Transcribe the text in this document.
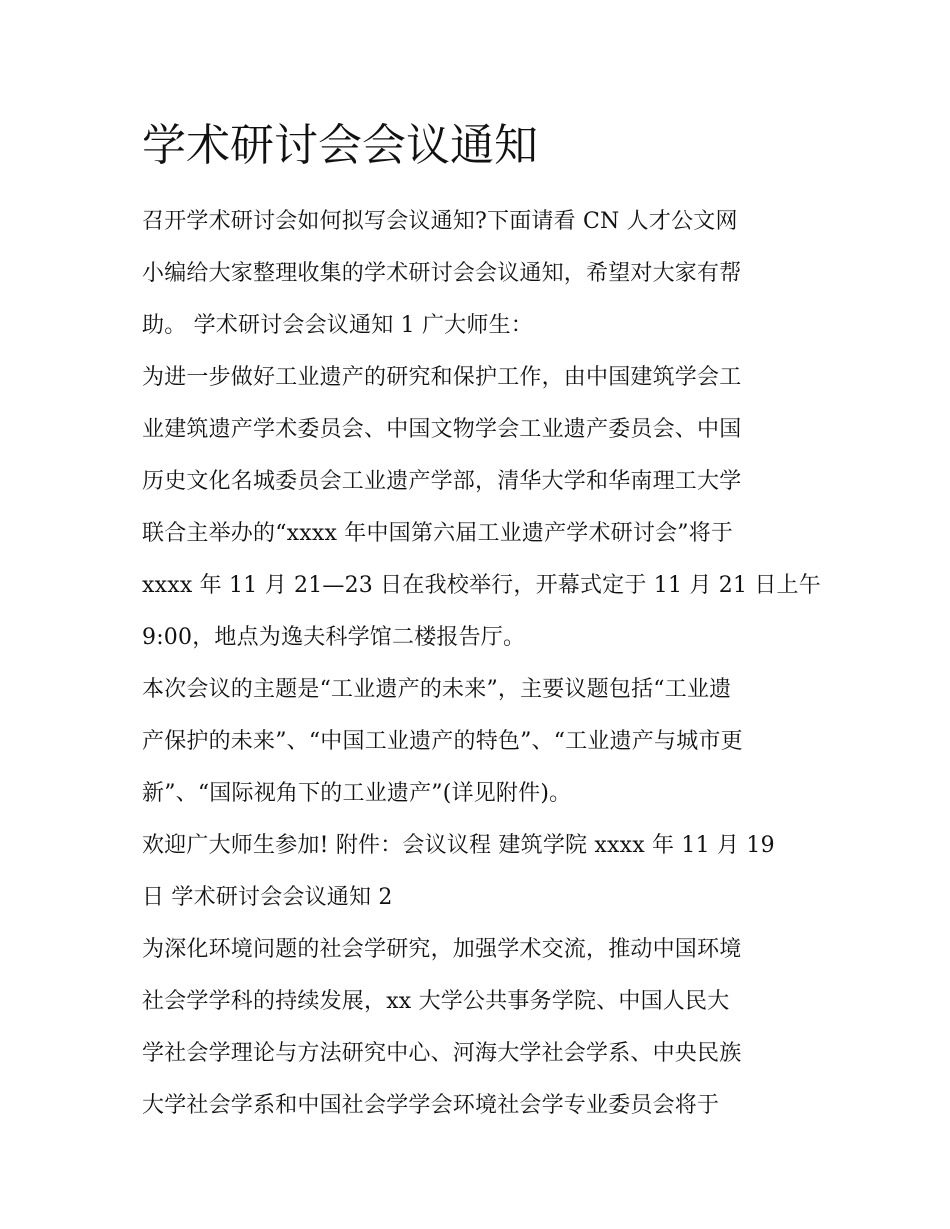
学术研讨会会议通知
召开学术研讨会如何拟写会议通知?下面请看 CN 人才公文网
小编给大家整理收集的学术研讨会会议通知，希望对大家有帮
助。 学术研讨会会议通知 1 广大师生：
为进一步做好工业遗产的研究和保护工作，由中国建筑学会工
业建筑遗产学术委员会、中国文物学会工业遗产委员会、中国
历史文化名城委员会工业遗产学部，清华大学和华南理工大学
联合主举办的“xxxx 年中国第六届工业遗产学术研讨会”将于
xxxx 年 11 月 21—23 日在我校举行，开幕式定于 11 月 21 日上午
9:00，地点为逸夫科学馆二楼报告厅。
本次会议的主题是“工业遗产的未来”，主要议题包括“工业遗
产保护的未来”、“中国工业遗产的特色”、“工业遗产与城市更
新”、“国际视角下的工业遗产”(详见附件)。
欢迎广大师生参加! 附件：会议议程 建筑学院 xxxx 年 11 月 19
日 学术研讨会会议通知 2
为深化环境问题的社会学研究，加强学术交流，推动中国环境
社会学学科的持续发展，xx 大学公共事务学院、中国人民大
学社会学理论与方法研究中心、河海大学社会学系、中央民族
大学社会学系和中国社会学学会环境社会学专业委员会将于
